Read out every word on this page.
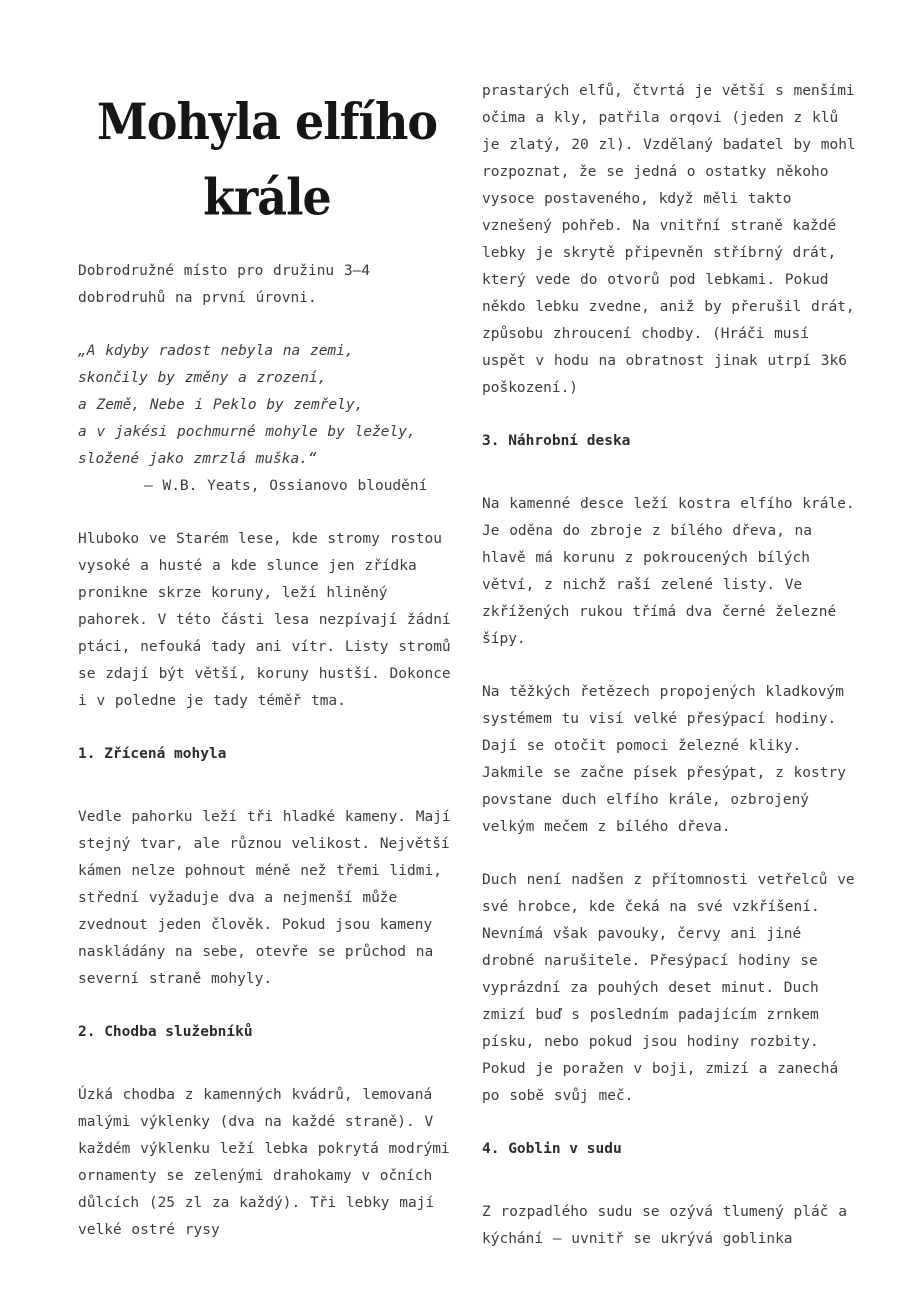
Mohyla elfího
krále

Dobrodružné místo pro družinu 3–4 dobrodruhů na první úrovni.

„A kdyby radost nebyla na zemi,
skončily by změny a zrození,
a Země, Nebe i Peklo by zemřely,
a v jakési pochmurné mohyle by ležely,
složené jako zmrzlá muška.“
— W.B. Yeats, Ossianovo bloudění

Hluboko ve Starém lese, kde stromy rostou vysoké a husté a kde slunce jen zřídka pronikne skrze koruny, leží hliněný pahorek. V této části lesa nezpívají žádní ptáci, nefouká tady ani vítr. Listy stromů se zdají být větší, koruny hustší. Dokonce i v poledne je tady téměř tma.

1. Zřícená mohyla

Vedle pahorku leží tři hladké kameny. Mají stejný tvar, ale různou velikost. Největší kámen nelze pohnout méně než třemi lidmi, střední vyžaduje dva a nejmenší může zvednout jeden člověk. Pokud jsou kameny naskládány na sebe, otevře se průchod na severní straně mohyly.

2. Chodba služebníků

Úzká chodba z kamenných kvádrů, lemovaná malými výklenky (dva na každé straně). V každém výklenku leží lebka pokrytá modrými ornamenty se zelenými drahokamy v očních důlcích (25 zl za každý). Tři lebky mají velké ostré rysy

prastarých elfů, čtvrtá je větší s menšími očima a kly, patřila orqovi (jeden z klů je zlatý, 20 zl). Vzdělaný badatel by mohl rozpoznat, že se jedná o ostatky někoho vysoce postaveného, když měli takto vznešený pohřeb. Na vnitřní straně každé lebky je skrytě připevněn stříbrný drát, který vede do otvorů pod lebkami. Pokud někdo lebku zvedne, aniž by přerušil drát, způsobu zhroucení chodby. (Hráči musí uspět v hodu na obratnost jinak utrpí 3k6 poškození.)

3. Náhrobní deska

Na kamenné desce leží kostra elfího krále. Je oděna do zbroje z bílého dřeva, na hlavě má korunu z pokroucených bílých větví, z nichž raší zelené listy. Ve zkřížených rukou třímá dva černé železné šípy.

Na těžkých řetězech propojených kladkovým systémem tu visí velké přesýpací hodiny. Dají se otočit pomoci železné kliky. Jakmile se začne písek přesýpat, z kostry povstane duch elfího krále, ozbrojený velkým mečem z bílého dřeva.

Duch není nadšen z přítomnosti vetřelců ve své hrobce, kde čeká na své vzkříšení. Nevnímá však pavouky, červy ani jiné drobné narušitele. Přesýpací hodiny se vyprázdní za pouhých deset minut. Duch zmizí buď s posledním padajícím zrnkem písku, nebo pokud jsou hodiny rozbity. Pokud je poražen v boji, zmizí a zanechá po sobě svůj meč.

4. Goblin v sudu

Z rozpadlého sudu se ozývá tlumený pláč a kýchání – uvnitř se ukrývá goblinka
